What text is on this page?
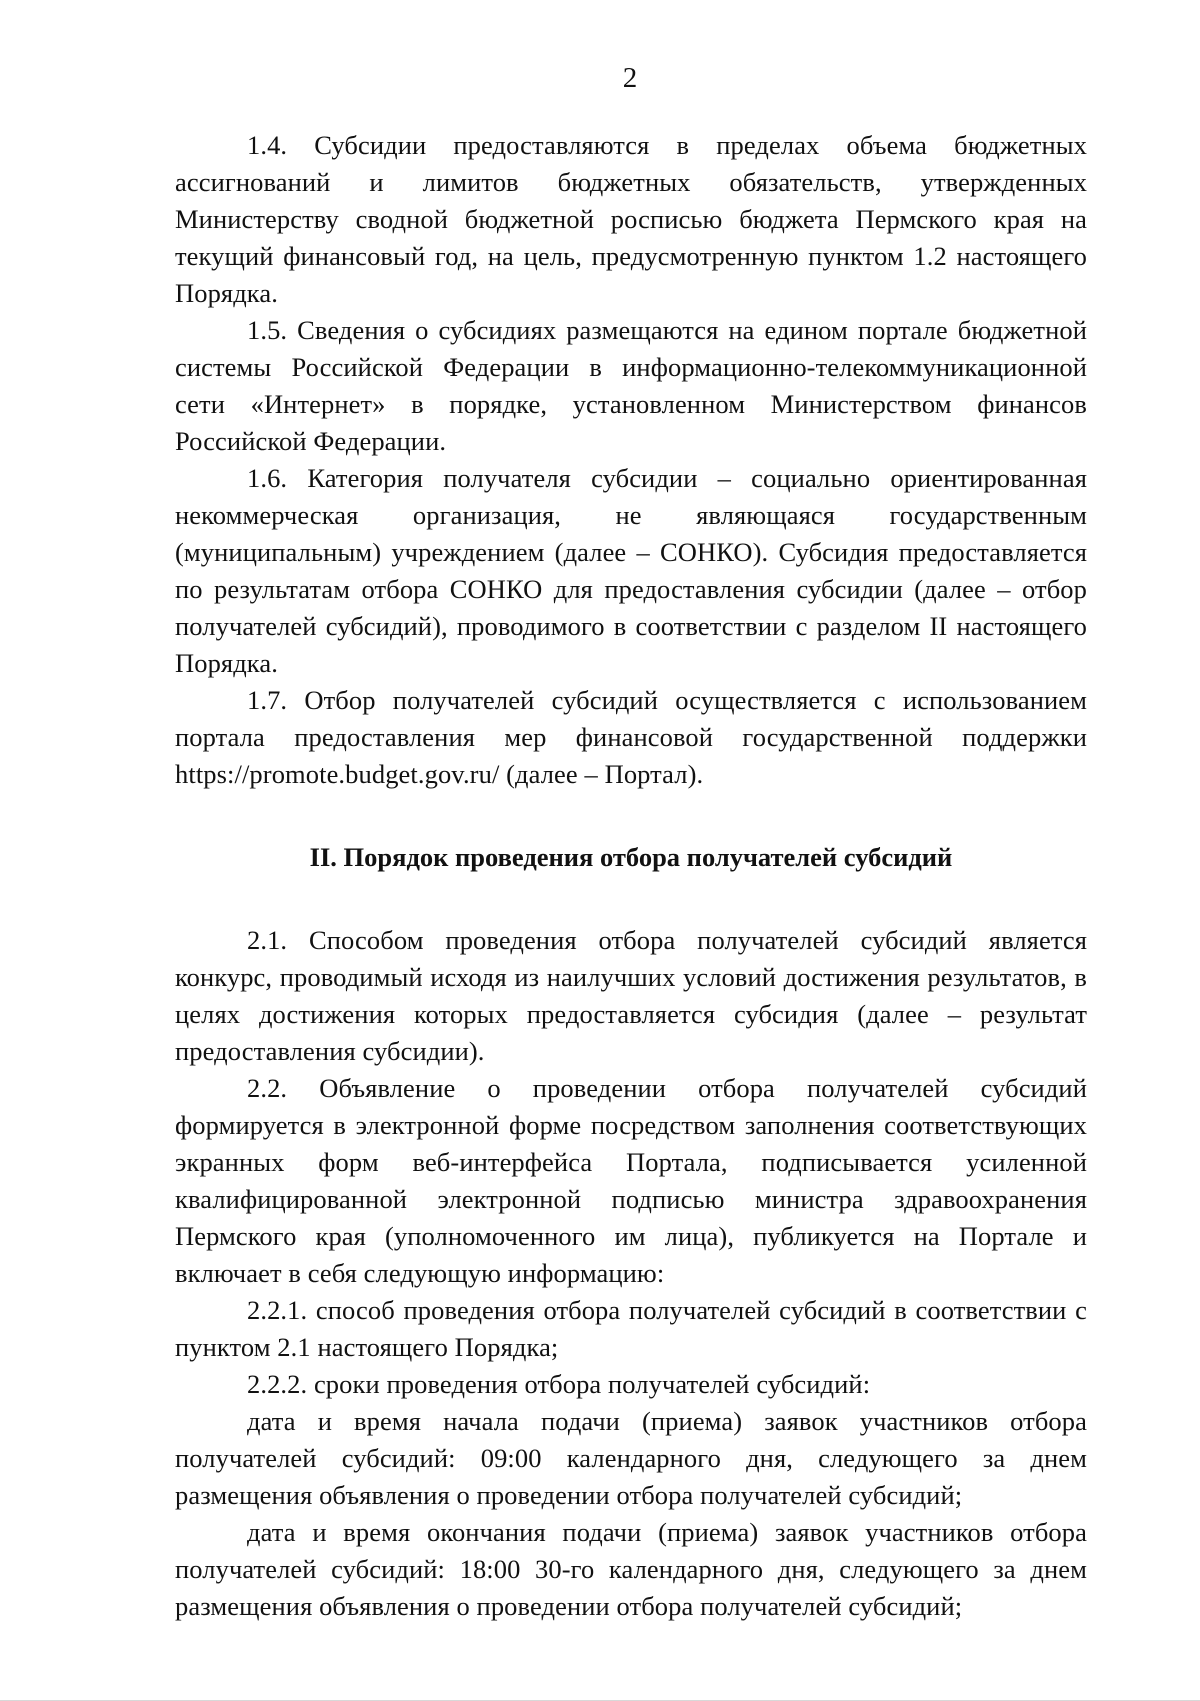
2

1.4. Субсидии предоставляются в пределах объема бюджетных ассигнований и лимитов бюджетных обязательств, утвержденных Министерству сводной бюджетной росписью бюджета Пермского края на текущий финансовый год, на цель, предусмотренную пунктом 1.2 настоящего Порядка.

1.5. Сведения о субсидиях размещаются на едином портале бюджетной системы Российской Федерации в информационно-телекоммуникационной сети «Интернет» в порядке, установленном Министерством финансов Российской Федерации.

1.6. Категория получателя субсидии – социально ориентированная некоммерческая организация, не являющаяся государственным (муниципальным) учреждением (далее – СОНКО). Субсидия предоставляется по результатам отбора СОНКО для предоставления субсидии (далее – отбор получателей субсидий), проводимого в соответствии с разделом II настоящего Порядка.

1.7. Отбор получателей субсидий осуществляется с использованием портала предоставления мер финансовой государственной поддержки https://promote.budget.gov.ru/ (далее – Портал).

II. Порядок проведения отбора получателей субсидий

2.1. Способом проведения отбора получателей субсидий является конкурс, проводимый исходя из наилучших условий достижения результатов, в целях достижения которых предоставляется субсидия (далее – результат предоставления субсидии).

2.2. Объявление о проведении отбора получателей субсидий формируется в электронной форме посредством заполнения соответствующих экранных форм веб-интерфейса Портала, подписывается усиленной квалифицированной электронной подписью министра здравоохранения Пермского края (уполномоченного им лица), публикуется на Портале и включает в себя следующую информацию:

2.2.1. способ проведения отбора получателей субсидий в соответствии с пунктом 2.1 настоящего Порядка;

2.2.2. сроки проведения отбора получателей субсидий:

дата и время начала подачи (приема) заявок участников отбора получателей субсидий: 09:00 календарного дня, следующего за днем размещения объявления о проведении отбора получателей субсидий;

дата и время окончания подачи (приема) заявок участников отбора получателей субсидий: 18:00 30-го календарного дня, следующего за днем размещения объявления о проведении отбора получателей субсидий;
